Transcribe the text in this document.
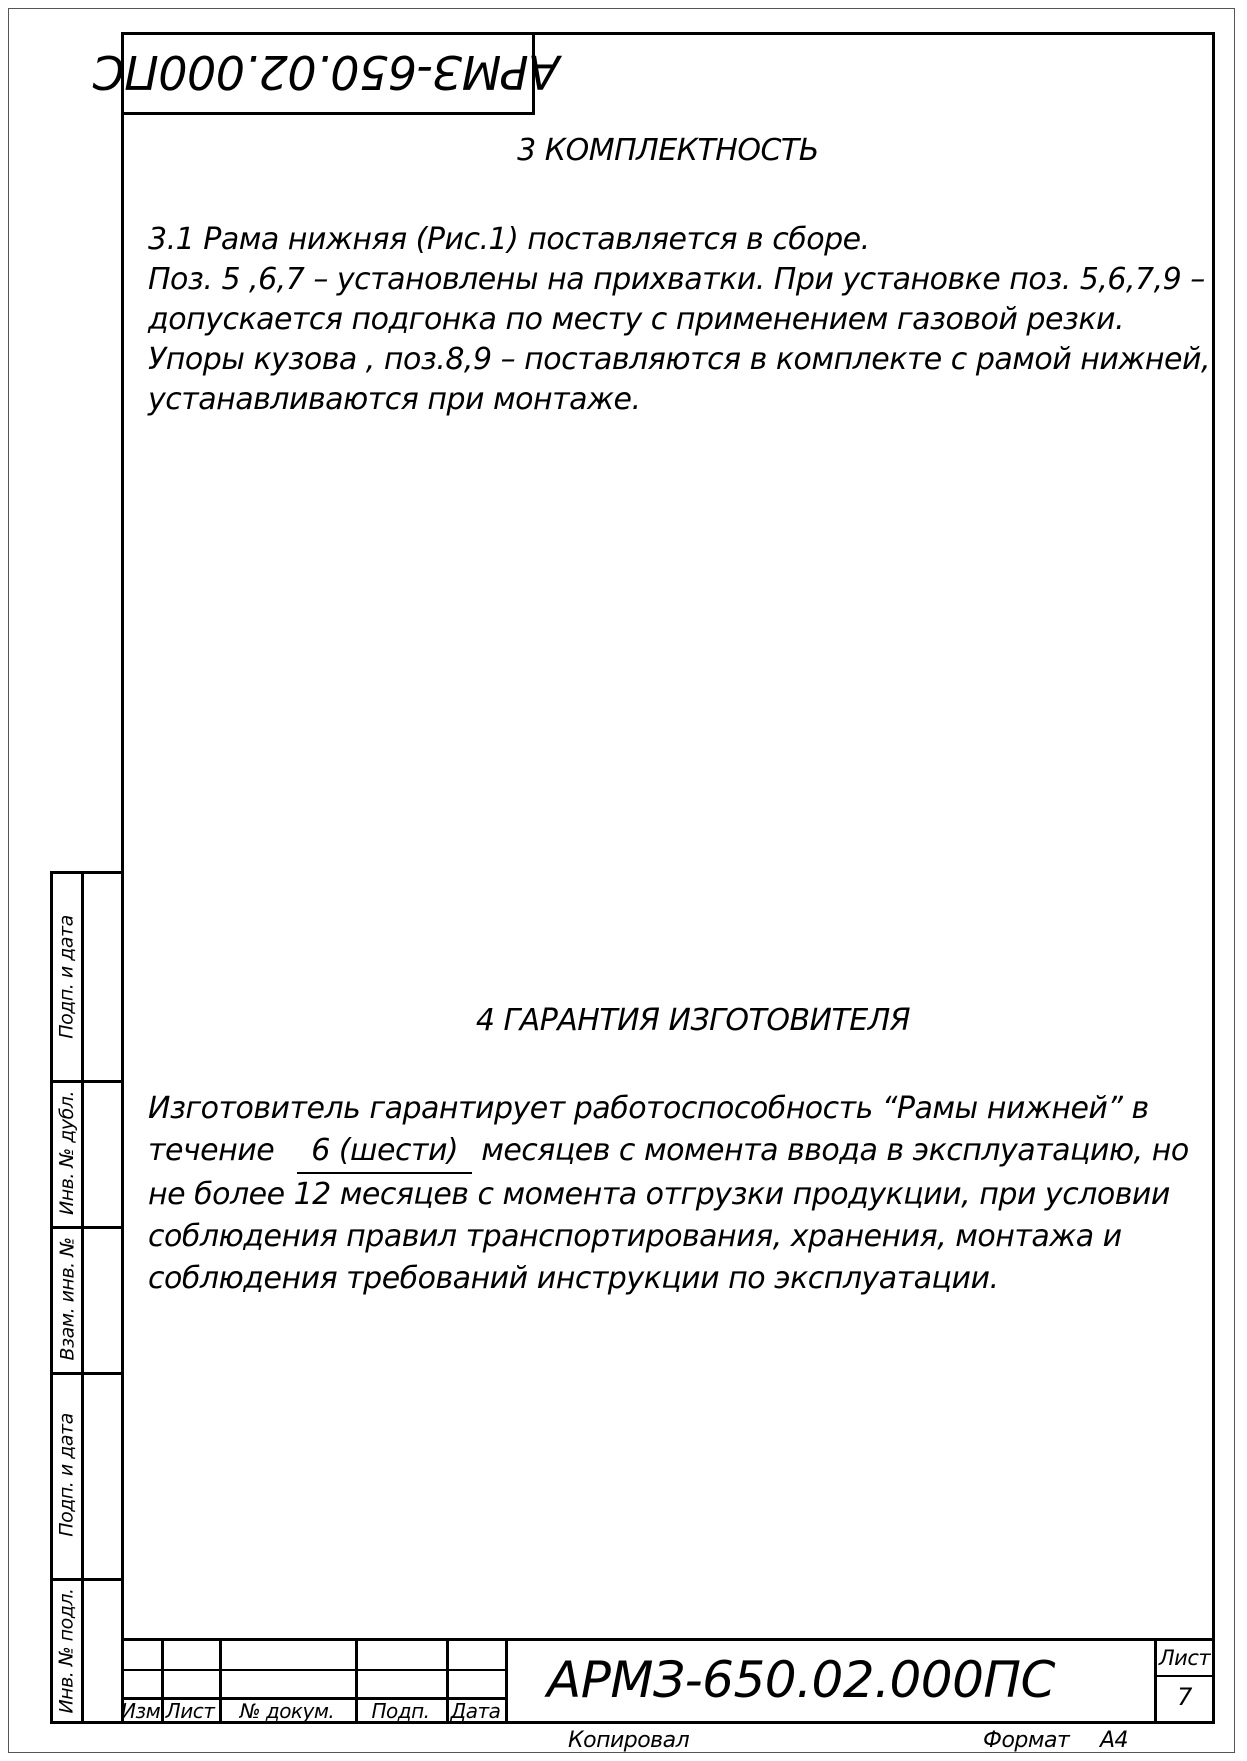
АРМЗ-650.02.000ПС
3 КОМПЛЕКТНОСТЬ
3.1 Рама нижняя (Рис.1) поставляется в сборе.
Поз. 5 ,6,7 – установлены на прихватки. При установке поз. 5,6,7,9 –
допускается подгонка по месту с применением газовой резки.
Упоры кузова , поз.8,9 – поставляются в комплекте с рамой нижней,
устанавливаются при монтаже.
4 ГАРАНТИЯ ИЗГОТОВИТЕЛЯ
Изготовитель гарантирует работоспособность “Рамы нижней” в
течение 6 (шести) месяцев с момента ввода в эксплуатацию, но
не более 12 месяцев с момента отгрузки продукции, при условии
соблюдения правил транспортирования, хранения, монтажа и
соблюдения требований инструкции по эксплуатации.
Подп. и дата
Инв. № дубл.
Взам. инв. №
Подп. и дата
Инв. № подл. Изм. Лист	№ докум.	Подп.	Дата
АРМЗ-650.02.000ПС	Лист
7
Копировал	Формат А4
